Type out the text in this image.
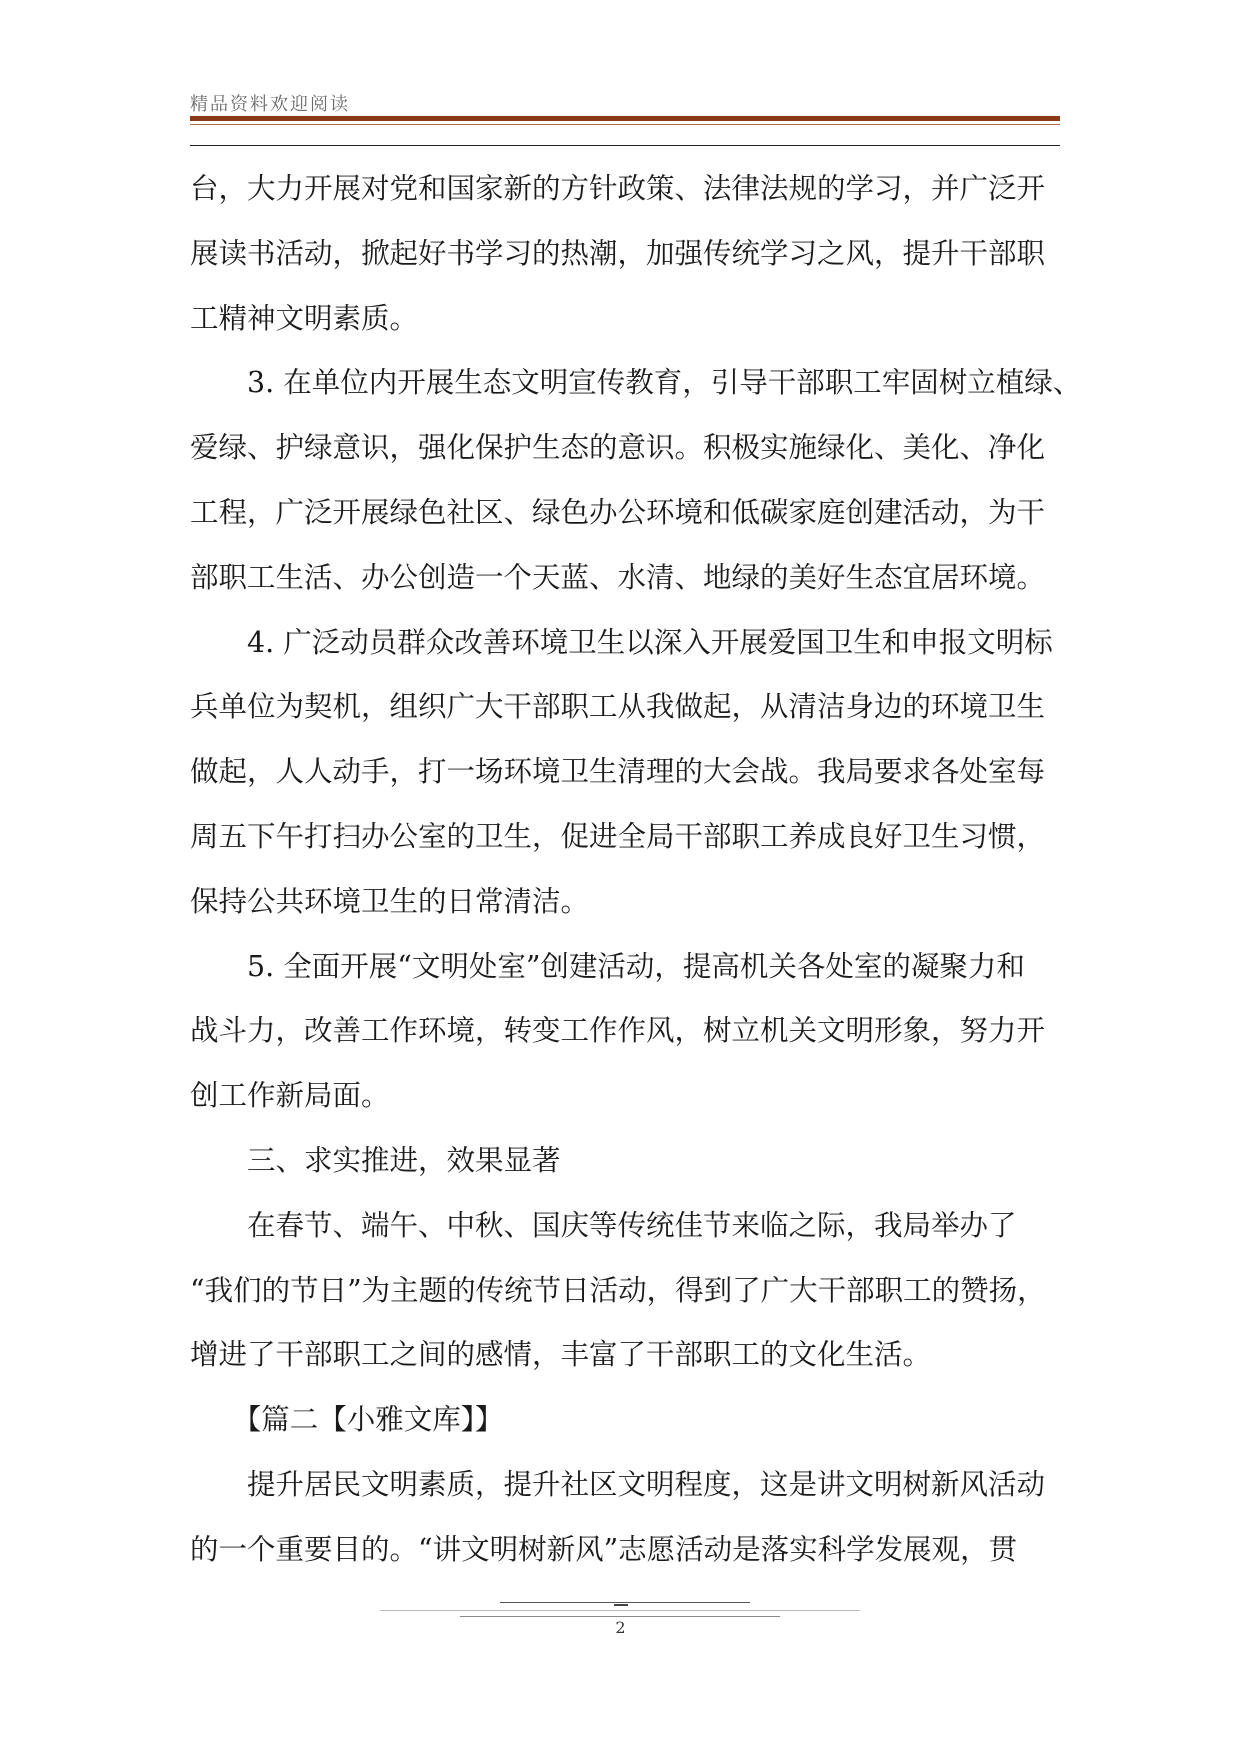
精品资料欢迎阅读

台，大力开展对党和国家新的方针政策、法律法规的学习，并广泛开

展读书活动，掀起好书学习的热潮，加强传统学习之风，提升干部职

工精神文明素质。

　　3. 在单位内开展生态文明宣传教育，引导干部职工牢固树立植绿、

爱绿、护绿意识，强化保护生态的意识。积极实施绿化、美化、净化

工程，广泛开展绿色社区、绿色办公环境和低碳家庭创建活动，为干

部职工生活、办公创造一个天蓝、水清、地绿的美好生态宜居环境。

　　4. 广泛动员群众改善环境卫生以深入开展爱国卫生和申报文明标

兵单位为契机，组织广大干部职工从我做起，从清洁身边的环境卫生

做起，人人动手，打一场环境卫生清理的大会战。我局要求各处室每

周五下午打扫办公室的卫生，促进全局干部职工养成良好卫生习惯，

保持公共环境卫生的日常清洁。

　　5. 全面开展“文明处室”创建活动，提高机关各处室的凝聚力和

战斗力，改善工作环境，转变工作作风，树立机关文明形象，努力开

创工作新局面。

　　三、求实推进，效果显著

　　在春节、端午、中秋、国庆等传统佳节来临之际，我局举办了

“我们的节日”为主题的传统节日活动，得到了广大干部职工的赞扬，

增进了干部职工之间的感情，丰富了干部职工的文化生活。

　　【篇二【小雅文库】】

　　提升居民文明素质，提升社区文明程度，这是讲文明树新风活动

的一个重要目的。“讲文明树新风”志愿活动是落实科学发展观，贯

2
